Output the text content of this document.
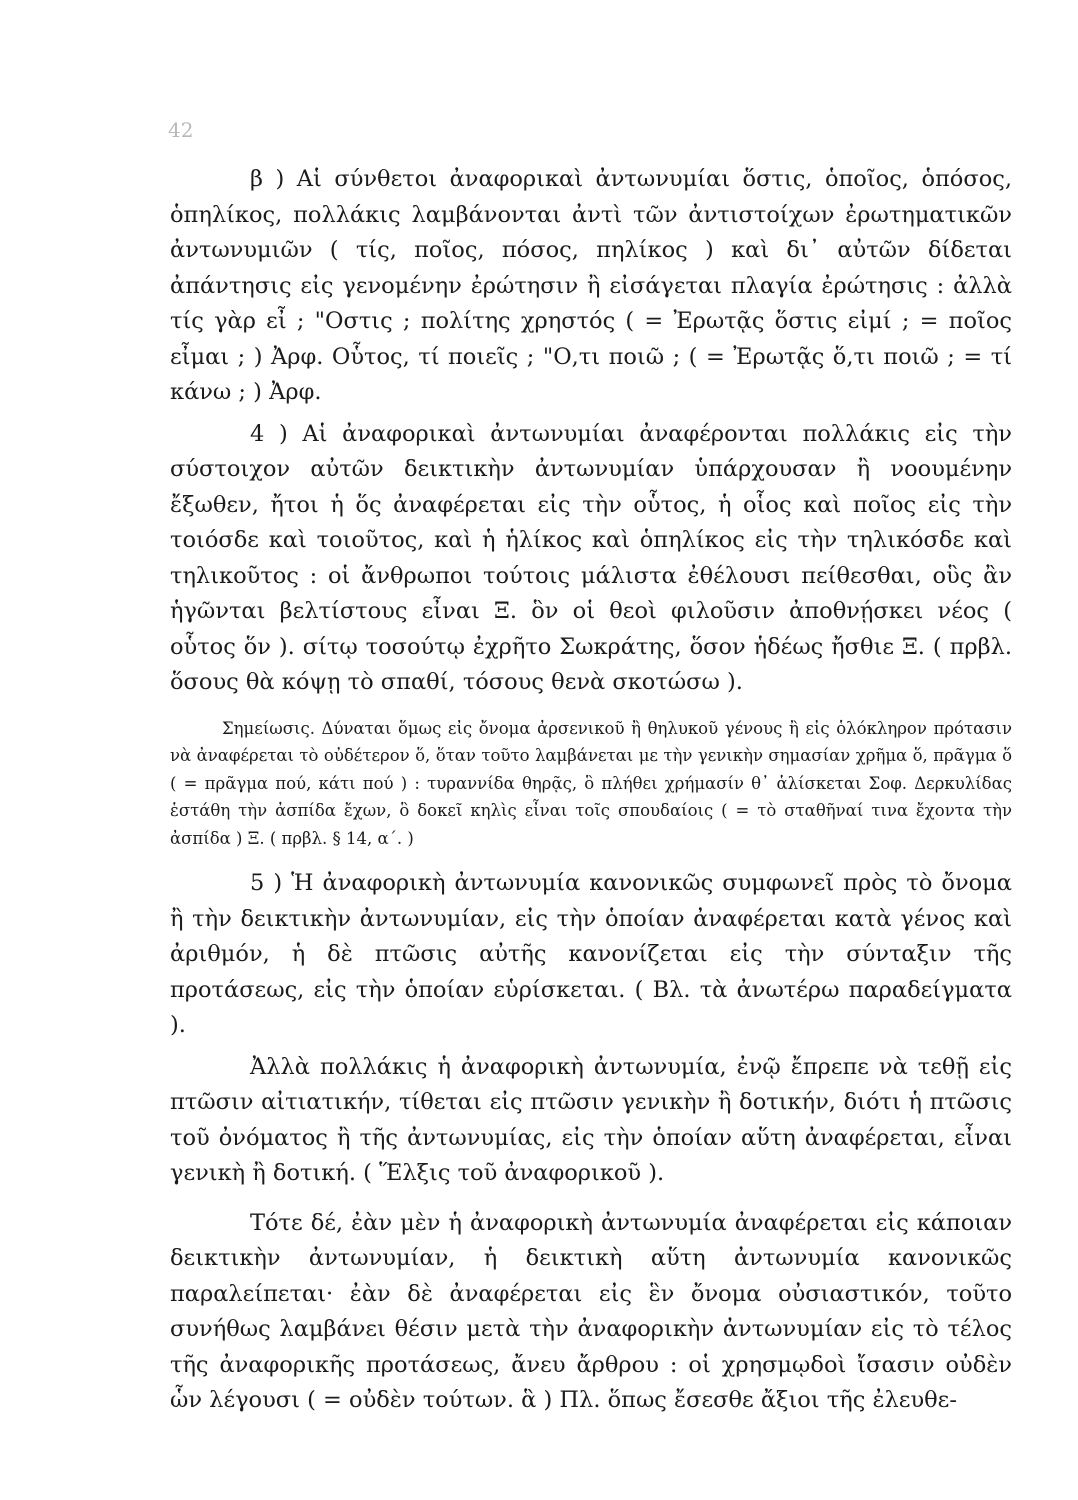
42

β ) Αἱ σύνθετοι ἀναφορικαὶ ἀντωνυμίαι ὅστις, ὁποῖος, ὁπόσος, ὁπηλίκος, πολλάκις λαμβάνονται ἀντὶ τῶν ἀντιστοίχων ἐρωτηματικῶν ἀντωνυμιῶν ( τίς, ποῖος, πόσος, πηλίκος ) καὶ δι᾽ αὐτῶν δίδεται ἀπάντησις εἰς γενομένην ἐρώτησιν ἢ εἰσάγεται πλαγία ἐρώτησις : ἀλλὰ τίς γὰρ εἶ ; "Οστις ; πολίτης χρηστός ( = Ἐρωτᾷς ὅστις εἰμί ; = ποῖος εἶμαι ; ) Ἀρφ. Οὗτος, τί ποιεῖς ; "Ο,τι ποιῶ ; ( = Ἐρωτᾷς ὅ,τι ποιῶ ; = τί κάνω ; ) Ἀρφ.

4 ) Αἱ ἀναφορικαὶ ἀντωνυμίαι ἀναφέρονται πολλάκις εἰς τὴν σύστοιχον αὐτῶν δεικτικὴν ἀντωνυμίαν ὑπάρχουσαν ἢ νοουμένην ἔξωθεν, ἤτοι ἡ ὅς ἀναφέρεται εἰς τὴν οὗτος, ἡ οἷος καὶ ποῖος εἰς τὴν τοιόσδε καὶ τοιοῦτος, καὶ ἡ ἡλίκος καὶ ὁπηλίκος εἰς τὴν τηλικόσδε καὶ τηλικοῦτος : οἱ ἄνθρωποι τούτοις μάλιστα ἐθέλουσι πείθεσθαι, οὓς ἂν ἡγῶνται βελτίστους εἶναι Ξ. ὃν οἱ θεοὶ φιλοῦσιν ἀποθνῄσκει νέος ( οὗτος ὅν ). σίτῳ τοσούτῳ ἐχρῆτο Σωκράτης, ὅσον ἡδέως ἤσθιε Ξ. ( πρβλ. ὅσους θὰ κόψῃ τὸ σπαθί, τόσους θενὰ σκοτώσω ).

Σημείωσις. Δύναται ὅμως εἰς ὄνομα ἀρσενικοῦ ἢ θηλυκοῦ γένους ἢ εἰς ὁλόκληρον πρότασιν νὰ ἀναφέρεται τὸ οὐδέτερον ὅ, ὅταν τοῦτο λαμβάνεται με τὴν γενικὴν σημασίαν χρῆμα ὅ, πρᾶγμα ὅ ( = πρᾶγμα πού, κάτι πού ) : τυραννίδα θηρᾷς, ὃ πλήθει χρήμασίν θ᾽ ἁλίσκεται Σοφ. Δερκυλίδας ἑστάθη τὴν ἀσπίδα ἔχων, ὃ δοκεῖ κηλὶς εἶναι τοῖς σπουδαίοις ( = τὸ σταθῆναί τινα ἔχοντα τὴν ἀσπίδα ) Ξ. ( πρβλ. § 14, α΄. )

5 ) Ἡ ἀναφορικὴ ἀντωνυμία κανονικῶς συμφωνεῖ πρὸς τὸ ὄνομα ἢ τὴν δεικτικὴν ἀντωνυμίαν, εἰς τὴν ὁποίαν ἀναφέρεται κατὰ γένος καὶ ἀριθμόν, ἡ δὲ πτῶσις αὐτῆς κανονίζεται εἰς τὴν σύνταξιν τῆς προτάσεως, εἰς τὴν ὁποίαν εὑρίσκεται. ( Βλ. τὰ ἀνωτέρω παραδείγματα ).

Ἀλλὰ πολλάκις ἡ ἀναφορικὴ ἀντωνυμία, ἐνῷ ἔπρεπε νὰ τεθῇ εἰς πτῶσιν αἰτιατικήν, τίθεται εἰς πτῶσιν γενικὴν ἢ δοτικήν, διότι ἡ πτῶσις τοῦ ὀνόματος ἢ τῆς ἀντωνυμίας, εἰς τὴν ὁποίαν αὕτη ἀναφέρεται, εἶναι γενικὴ ἢ δοτική. ( Ἕλξις τοῦ ἀναφορικοῦ ).

Τότε δέ, ἐὰν μὲν ἡ ἀναφορικὴ ἀντωνυμία ἀναφέρεται εἰς κάποιαν δεικτικὴν ἀντωνυμίαν, ἡ δεικτικὴ αὕτη ἀντωνυμία κανονικῶς παραλείπεται· ἐὰν δὲ ἀναφέρεται εἰς ἓν ὄνομα οὐσιαστικόν, τοῦτο συνήθως λαμβάνει θέσιν μετὰ τὴν ἀναφορικὴν ἀντωνυμίαν εἰς τὸ τέλος τῆς ἀναφορικῆς προτάσεως, ἄνευ ἄρθρου : οἱ χρησμῳδοὶ ἴσασιν οὐδὲν ὧν λέγουσι ( = οὐδὲν τούτων. ἃ ) Πλ. ὅπως ἔσεσθε ἄξιοι τῆς ἐλευθε-
